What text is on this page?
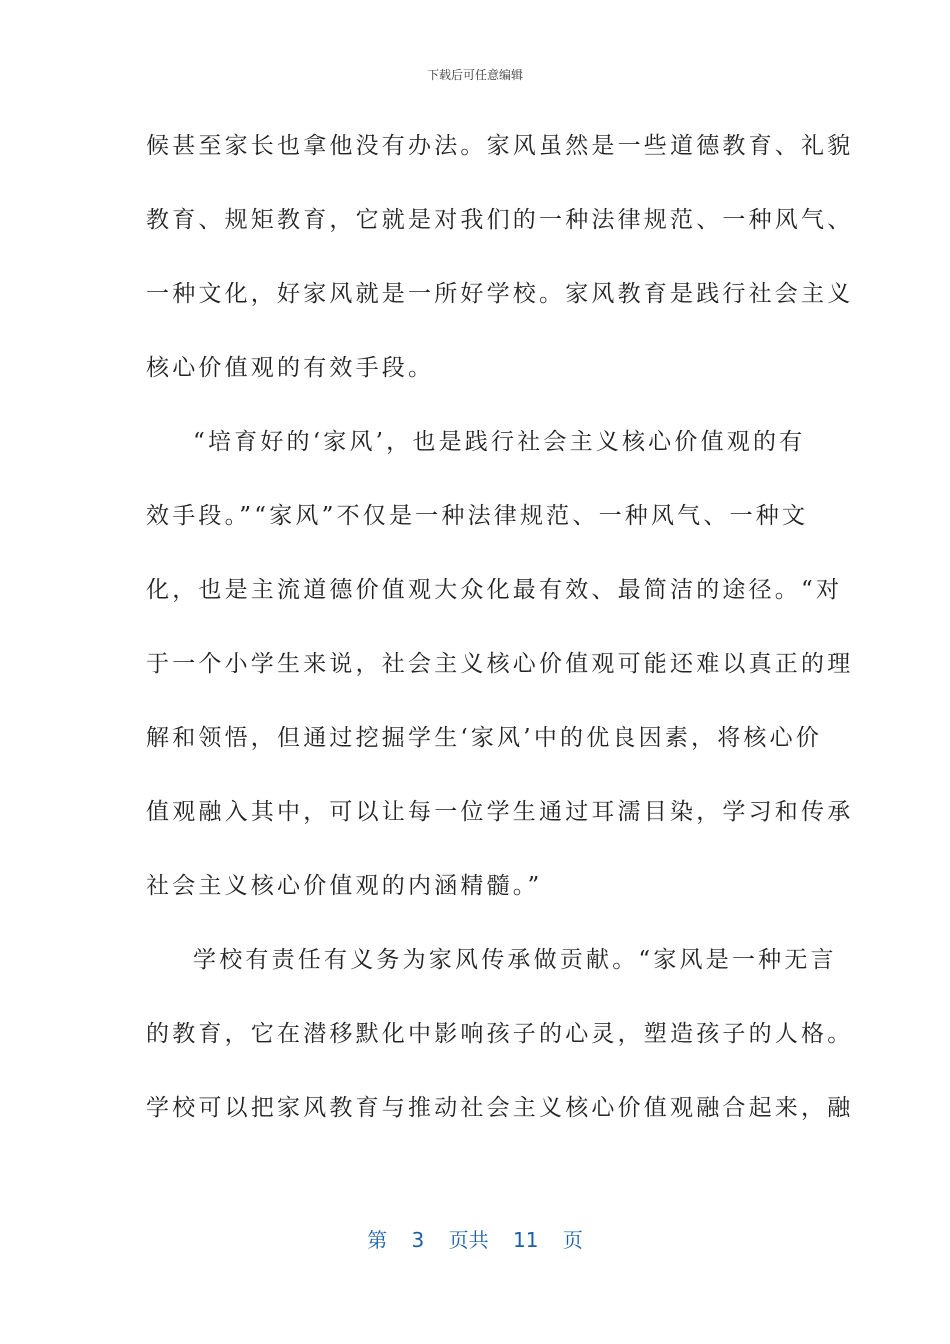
下载后可任意编辑
候甚至家长也拿他没有办法。家风虽然是一些道德教育、礼貌
教育、规矩教育，它就是对我们的一种法律规范、一种风气、
一种文化，好家风就是一所好学校。家风教育是践行社会主义
核心价值观的有效手段。
“培育好的‘家风’，也是践行社会主义核心价值观的有
效手段。”“家风”不仅是一种法律规范、一种风气、一种文
化，也是主流道德价值观大众化最有效、最简洁的途径。“对
于一个小学生来说，社会主义核心价值观可能还难以真正的理
解和领悟，但通过挖掘学生‘家风’中的优良因素，将核心价
值观融入其中，可以让每一位学生通过耳濡目染，学习和传承
社会主义核心价值观的内涵精髓。”
学校有责任有义务为家风传承做贡献。“家风是一种无言
的教育，它在潜移默化中影响孩子的心灵，塑造孩子的人格。
学校可以把家风教育与推动社会主义核心价值观融合起来，融
第 3 页共 11 页
